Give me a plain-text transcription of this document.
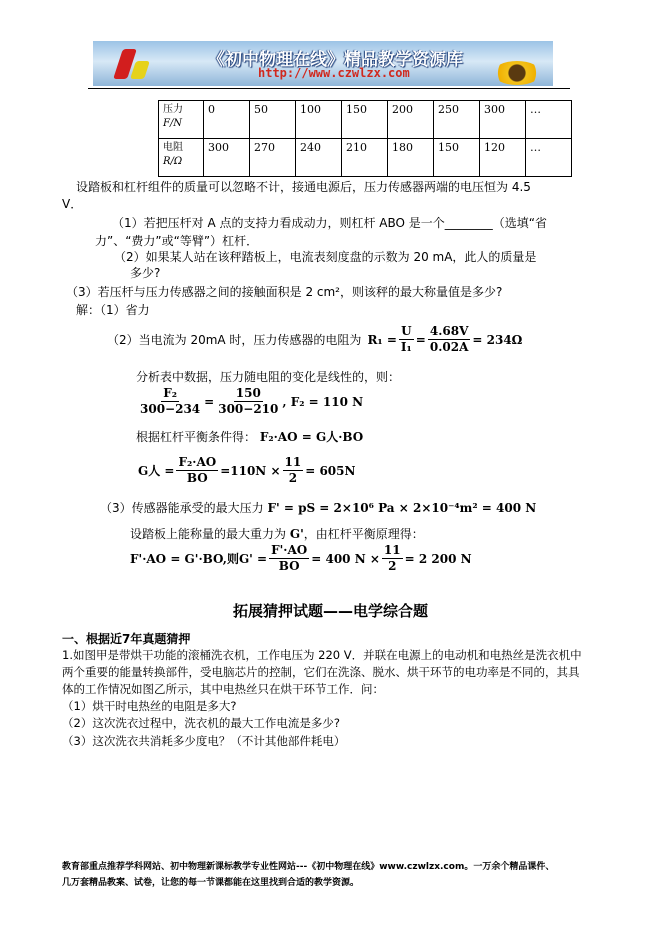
《初中物理在线》精品教学资源库
http://www.czwlzx.com
压力
F/N	0	50	100	150	200	250	300	…
电阻
R/Ω	300	270	240	210	180	150	120	…
设踏板和杠杆组件的质量可以忽略不计，接通电源后，压力传感器两端的电压恒为 4.5
V．
（1）若把压杆对 A 点的支持力看成动力，则杠杆 ABO 是一个________（选填“省
力”、“费力”或“等臂”）杠杆．
（2）如果某人站在该秤踏板上，电流表刻度盘的示数为 20 mA，此人的质量是
多少?
（3）若压杆与压力传感器之间的接触面积是 2 cm²，则该秤的最大称量值是多少?
解：（1）省力
（2）当电流为 20mA 时，压力传感器的电阻为 $R_1 = \frac{U}{\text{I₁}} = \frac{4.68V}{0.02A} = 234\Omega$
分析表中数据，压力随电阻的变化是线性的，则：
$\frac{\text{F₂}}{300-234} = \frac{150}{300-210}$ , F₂ = 110 N
根据杠杆平衡条件得： F₂·AO = G人·BO
G人 = $\frac{\text{F₂·AO}}{BO} =110N \times \frac{11}{2} = 605N$
（3）传感器能承受的最大压力 F' = pS = 2×10⁶ Pa × 2×10⁻⁴m² = 400 N
设踏板上能称量的最大重力为 G'，由杠杆平衡原理得：
F'·AO = G'·BO,则$G' = \frac{F'\cdot AO}{BO} = 400$ $N \times \frac{11}{2} = 2$ 200 N
拓展猜押试题——电学综合题
一、根据近7年真题猜押
1.如图甲是带烘干功能的滚桶洗衣机，工作电压为 220 V．并联在电源上的电动机和电热丝是洗衣机中
两个重要的能量转换部件，受电脑芯片的控制，它们在洗涤、脱水、烘干环节的电功率是不同的，其具
体的工作情况如图乙所示，其中电热丝只在烘干环节工作．问：
（1）烘干时电热丝的电阻是多大?
（2）这次洗衣过程中，洗衣机的最大工作电流是多少?
（3）这次洗衣共消耗多少度电？（不计其他部件耗电）
教育部重点推荐学科网站、初中物理新课标教学专业性网站---《初中物理在线》www.czwlzx.com。一万余个精品课件、
几万套精品教案、试卷，让您的每一节课都能在这里找到合适的教学资源。
